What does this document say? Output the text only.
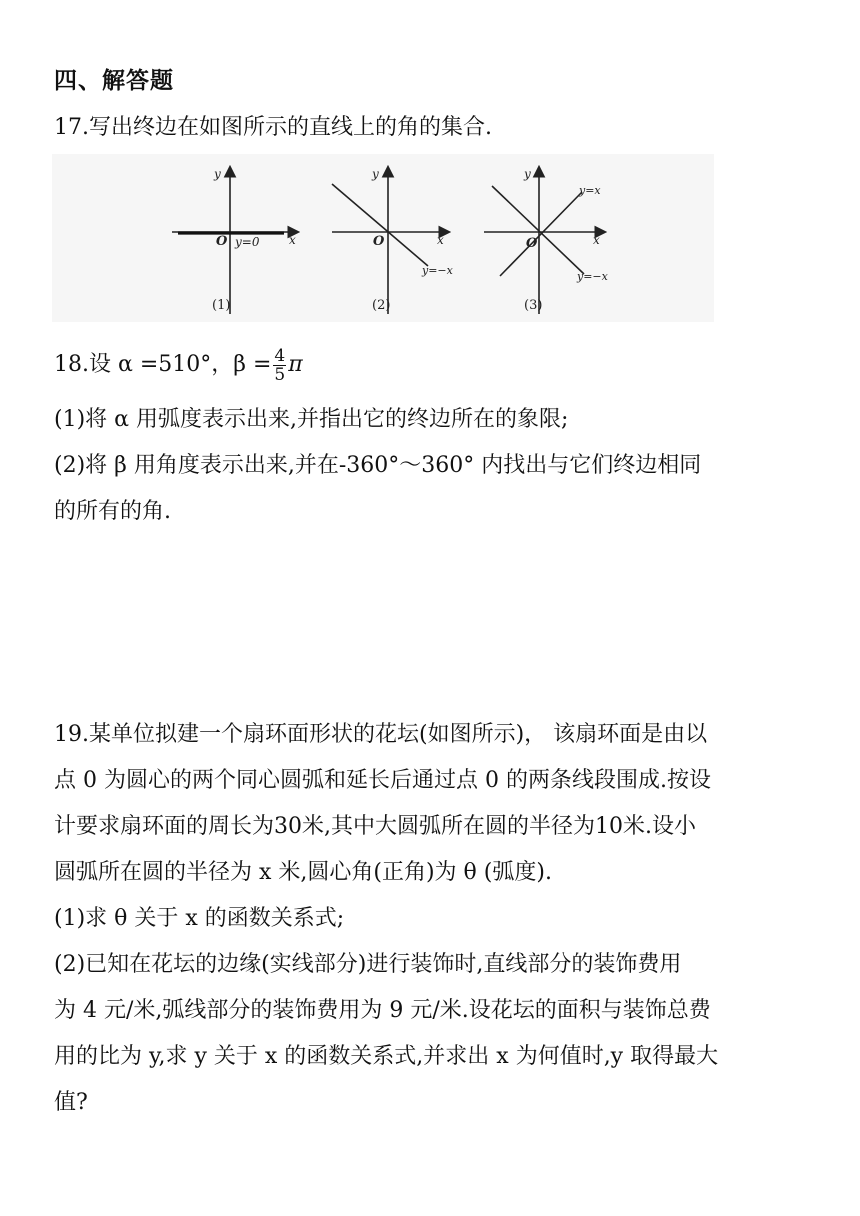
四、解答题
17.写出终边在如图所示的直线上的角的集合.
y
x
O y=0
(1)
y
x
O
y=−x
(2)
y
x
O
y=x
y=−x
(3)
18.设 α =510°，$\beta = \frac{4}{5}$ π
(1)将 α 用弧度表示出来,并指出它的终边所在的象限;
(2)将 β 用角度表示出来,并在-360°～360° 内找出与它们终边相同
的所有的角.
19.某单位拟建一个扇环面形状的花坛(如图所示)， 该扇环面是由以
点 0 为圆心的两个同心圆弧和延长后通过点 0 的两条线段围成.按设
计要求扇环面的周长为30米,其中大圆弧所在圆的半径为10米.设小
圆弧所在圆的半径为 x 米,圆心角(正角)为 θ (弧度).
(1)求 θ 关于 x 的函数关系式;
(2)已知在花坛的边缘(实线部分)进行装饰时,直线部分的装饰费用
为 4 元/米,弧线部分的装饰费用为 9 元/米.设花坛的面积与装饰总费
用的比为 y,求 y 关于 x 的函数关系式,并求出 x 为何值时,y 取得最大
值?
